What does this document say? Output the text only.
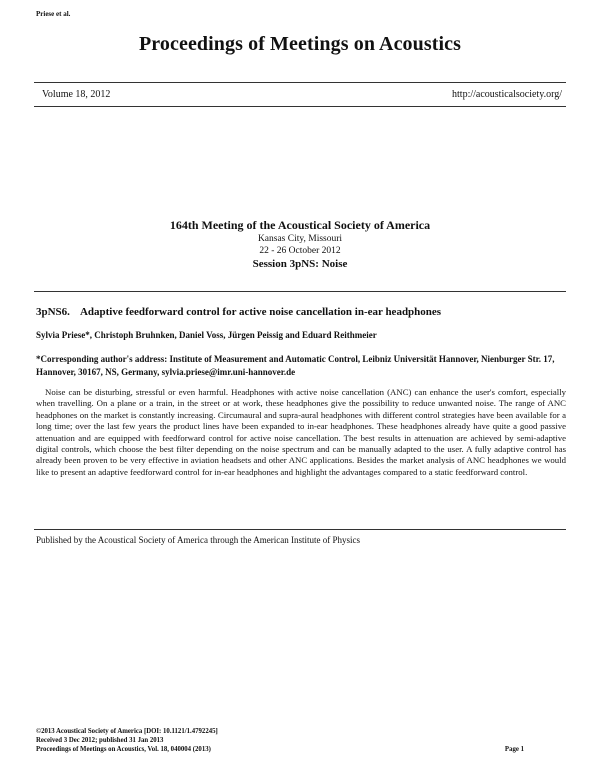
Priese et al.
Proceedings of Meetings on Acoustics
Volume 18, 2012	http://acousticalsociety.org/
164th Meeting of the Acoustical Society of America
Kansas City, Missouri
22 - 26 October 2012
Session 3pNS: Noise
3pNS6. Adaptive feedforward control for active noise cancellation in-ear headphones
Sylvia Priese*, Christoph Bruhnken, Daniel Voss, Jürgen Peissig and Eduard Reithmeier
*Corresponding author's address: Institute of Measurement and Automatic Control, Leibniz Universität Hannover, Nienburger Str. 17, Hannover, 30167, NS, Germany, sylvia.priese@imr.uni-hannover.de

Noise can be disturbing, stressful or even harmful. Headphones with active noise cancellation (ANC) can enhance the user's comfort, especially when travelling. On a plane or a train, in the street or at work, these headphones give the possibility to reduce unwanted noise. The range of ANC headphones on the market is constantly increasing. Circumaural and supra-aural headphones with different control strategies have been available for a long time; over the last few years the product lines have been expanded to in-ear headphones. These headphones already have quite a good passive attenuation and are equipped with feedforward control for active noise cancellation. The best results in attenuation are achieved by semi-adaptive digital controls, which choose the best filter depending on the noise spectrum and can be manually adapted to the user. A fully adaptive control has already been proven to be very effective in aviation headsets and other ANC applications. Besides the market analysis of ANC headphones we would like to present an adaptive feedforward control for in-ear headphones and highlight the advantages compared to a static feedforward control.

Published by the Acoustical Society of America through the American Institute of Physics
©2013 Acoustical Society of America [DOI: 10.1121/1.4792245]
Received 3 Dec 2012; published 31 Jan 2013
Proceedings of Meetings on Acoustics, Vol. 18, 040004 (2013)	Page 1
